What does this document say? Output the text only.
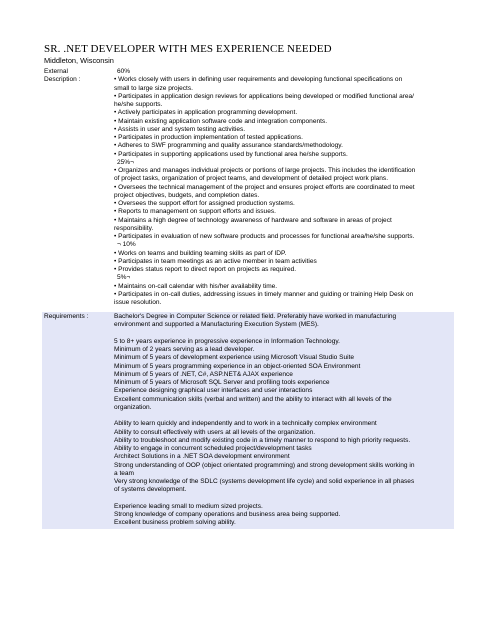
SR. .NET DEVELOPER WITH MES EXPERIENCE NEEDED
Middleton, Wisconsin
External
Description :
60%
• Works closely with users in defining user requirements and developing functional specifications on
small to large size projects.
• Participates in application design reviews for applications being developed or modified functional area/
he/she supports.
• Actively participates in application programming development.
• Maintain existing application software code and integration components.
• Assists in user and system testing activities.
• Participates in production implementation of tested applications.
• Adheres to SWF programming and quality assurance standards/methodology.
• Participates in supporting applications used by functional area he/she supports.
25%¬
• Organizes and manages individual projects or portions of large projects. This includes the identification
of project tasks, organization of project teams, and development of detailed project work plans.
• Oversees the technical management of the project and ensures project efforts are coordinated to meet
project objectives, budgets, and completion dates.
• Oversees the support effort for assigned production systems.
• Reports to management on support efforts and issues.
• Maintains a high degree of technology awareness of hardware and software in areas of project
responsibility.
• Participates in evaluation of new software products and processes for functional area/he/she supports.
¬ 10%
• Works on teams and building teaming skills as part of IDP.
• Participates in team meetings as an active member in team activities
• Provides status report to direct report on projects as required.
5%¬
• Maintains on-call calendar with his/her availability time.
• Participates in on-call duties, addressing issues in timely manner and guiding or training Help Desk on
issue resolution.
Requirements :	Bachelor's Degree in Computer Science or related field. Preferably have worked in manufacturing
environment and supported a Manufacturing Execution System (MES).
5 to 8+ years experience in progressive experience in Information Technology.
Minimum of 2 years serving as a lead developer.
Minimum of 5 years of development experience using Microsoft Visual Studio Suite
Minimum of 5 years programming experience in an object-oriented SOA Environment
Minimum of 5 years of .NET, C#, ASP.NET& AJAX experience
Minimum of 5 years of Microsoft SQL Server and profiling tools experience
Experience designing graphical user interfaces and user interactions
Excellent communication skills (verbal and written) and the ability to interact with all levels of the
organization.
Ability to learn quickly and independently and to work in a technically complex environment
Ability to consult effectively with users at all levels of the organization.
Ability to troubleshoot and modify existing code in a timely manner to respond to high priority requests.
Ability to engage in concurrent scheduled project/development tasks
Architect Solutions in a .NET SOA development environment
Strong understanding of OOP (object orientated programming) and strong development skills working in
a team
Very strong knowledge of the SDLC (systems development life cycle) and solid experience in all phases
of systems development.
Experience leading small to medium sized projects.
Strong knowledge of company operations and business area being supported.
Excellent business problem solving ability.
